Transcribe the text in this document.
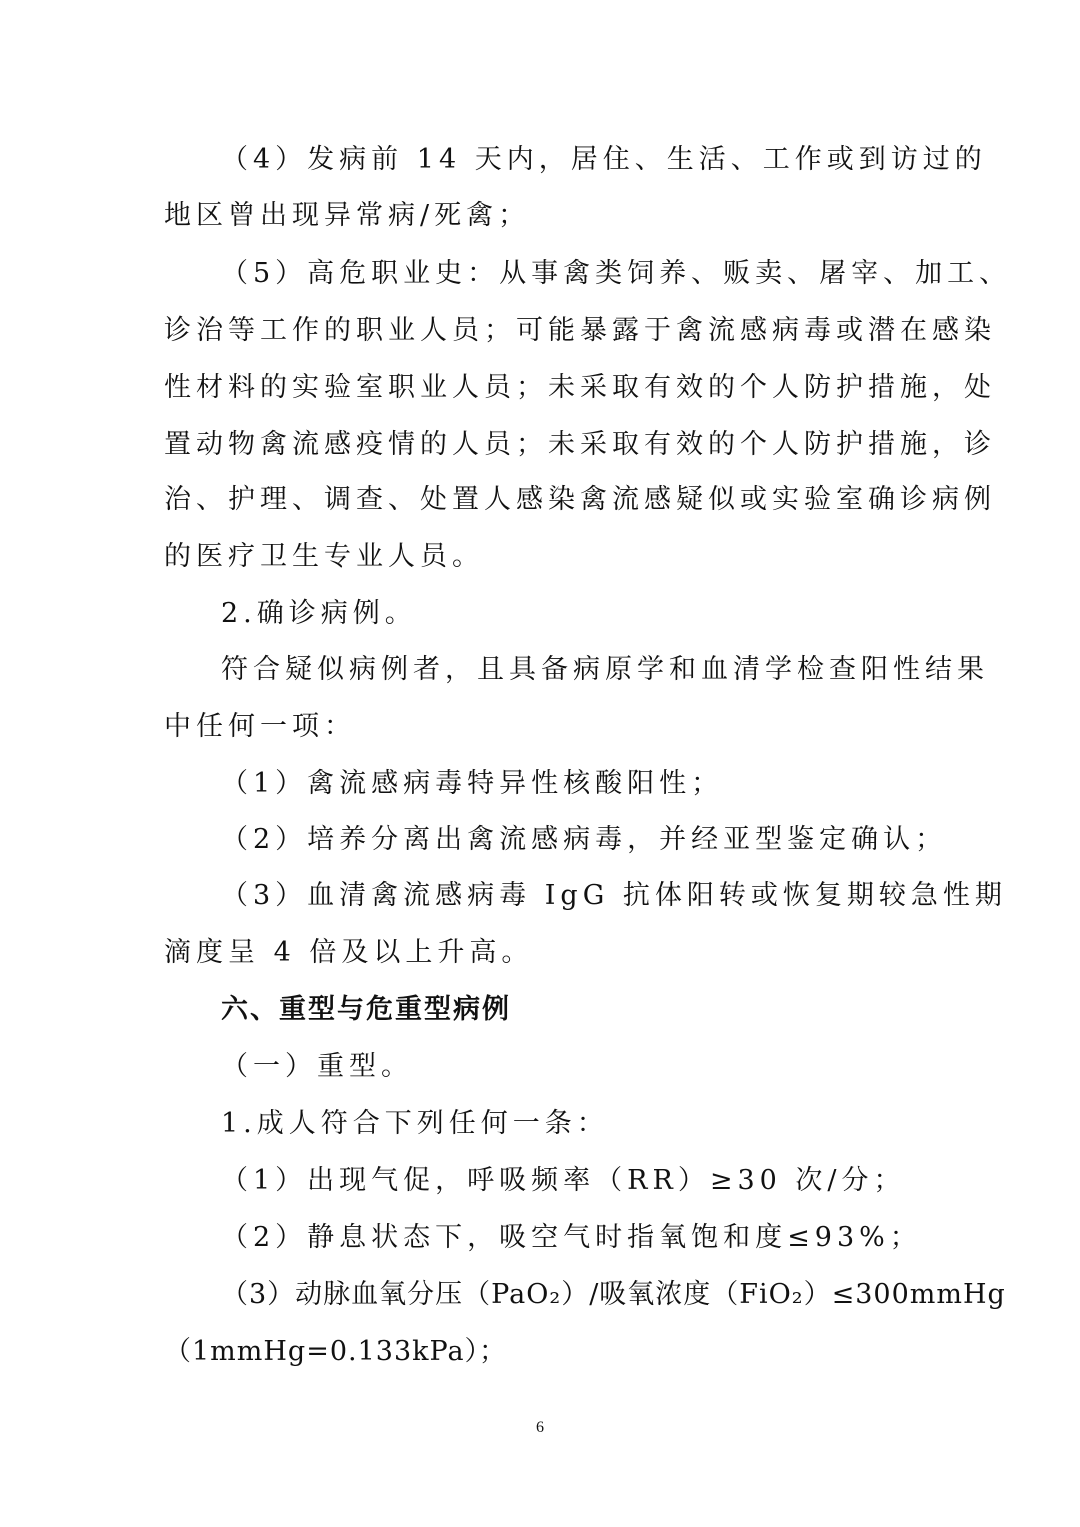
（4）发病前 14 天内，居住、生活、工作或到访过的
地区曾出现异常病/死禽；
（5）高危职业史：从事禽类饲养、贩卖、屠宰、加工、
诊治等工作的职业人员；可能暴露于禽流感病毒或潜在感染
性材料的实验室职业人员；未采取有效的个人防护措施，处
置动物禽流感疫情的人员；未采取有效的个人防护措施，诊
治、护理、调查、处置人感染禽流感疑似或实验室确诊病例
的医疗卫生专业人员。
2.确诊病例。
符合疑似病例者，且具备病原学和血清学检查阳性结果
中任何一项：
（1）禽流感病毒特异性核酸阳性；
（2）培养分离出禽流感病毒，并经亚型鉴定确认；
（3）血清禽流感病毒 IgG 抗体阳转或恢复期较急性期
滴度呈 4 倍及以上升高。
六、重型与危重型病例
（一）重型。
1.成人符合下列任何一条：
（1）出现气促，呼吸频率（RR）≥30 次/分；
（2）静息状态下，吸空气时指氧饱和度≤93%；
（3）动脉血氧分压（PaO₂）/吸氧浓度（FiO₂）≤300mmHg
（1mmHg=0.133kPa）；
6
